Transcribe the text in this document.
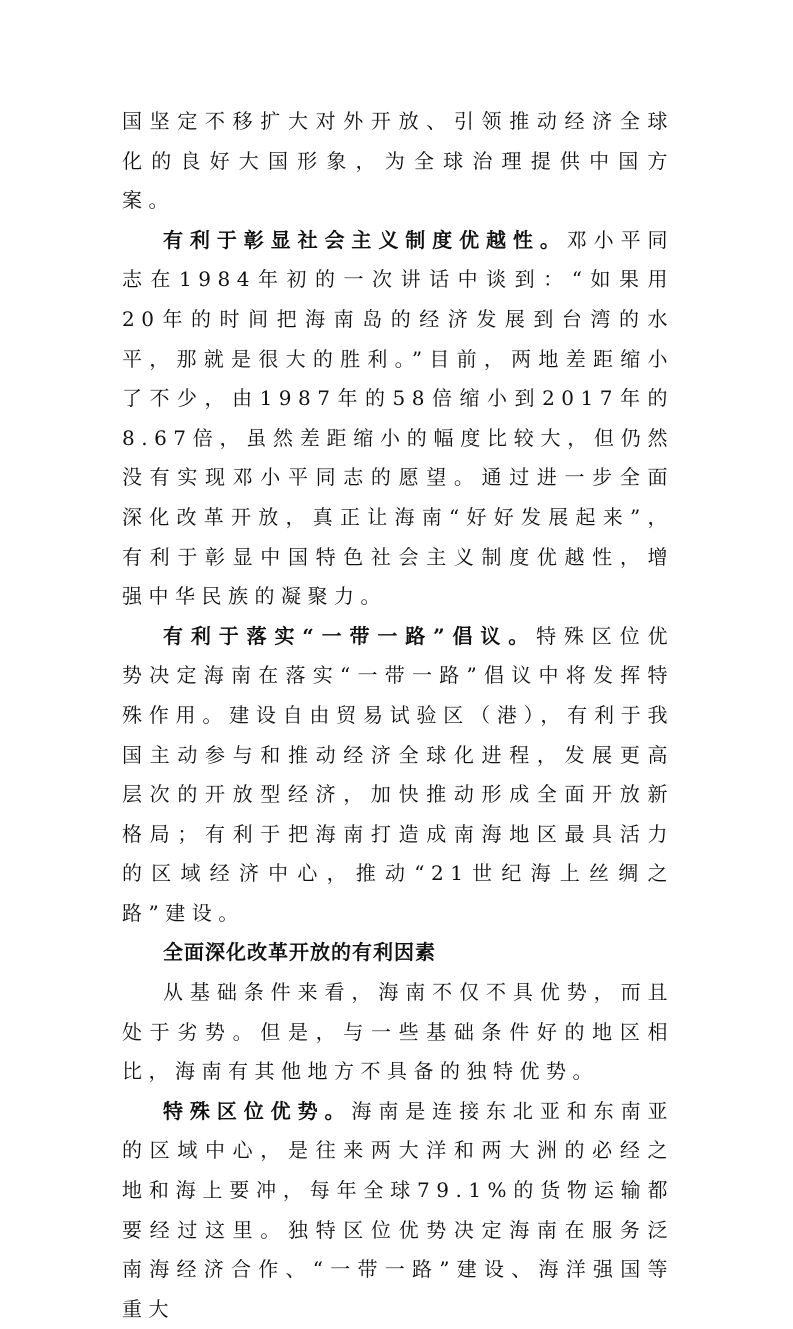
国坚定不移扩大对外开放、引领推动经济全球化的良好大国形象，为全球治理提供中国方案。

有利于彰显社会主义制度优越性。邓小平同志在1984年初的一次讲话中谈到：“如果用20年的时间把海南岛的经济发展到台湾的水平，那就是很大的胜利。”目前，两地差距缩小了不少，由1987年的58倍缩小到2017年的8.67倍，虽然差距缩小的幅度比较大，但仍然没有实现邓小平同志的愿望。通过进一步全面深化改革开放，真正让海南“好好发展起来”，有利于彰显中国特色社会主义制度优越性，增强中华民族的凝聚力。

有利于落实“一带一路”倡议。特殊区位优势决定海南在落实“一带一路”倡议中将发挥特殊作用。建设自由贸易试验区（港），有利于我国主动参与和推动经济全球化进程，发展更高层次的开放型经济，加快推动形成全面开放新格局；有利于把海南打造成南海地区最具活力的区域经济中心，推动“21世纪海上丝绸之路”建设。

全面深化改革开放的有利因素

从基础条件来看，海南不仅不具优势，而且处于劣势。但是，与一些基础条件好的地区相比，海南有其他地方不具备的独特优势。

特殊区位优势。海南是连接东北亚和东南亚的区域中心，是往来两大洋和两大洲的必经之地和海上要冲，每年全球79.1%的货物运输都要经过这里。独特区位优势决定海南在服务泛南海经济合作、“一带一路”建设、海洋强国等重大
